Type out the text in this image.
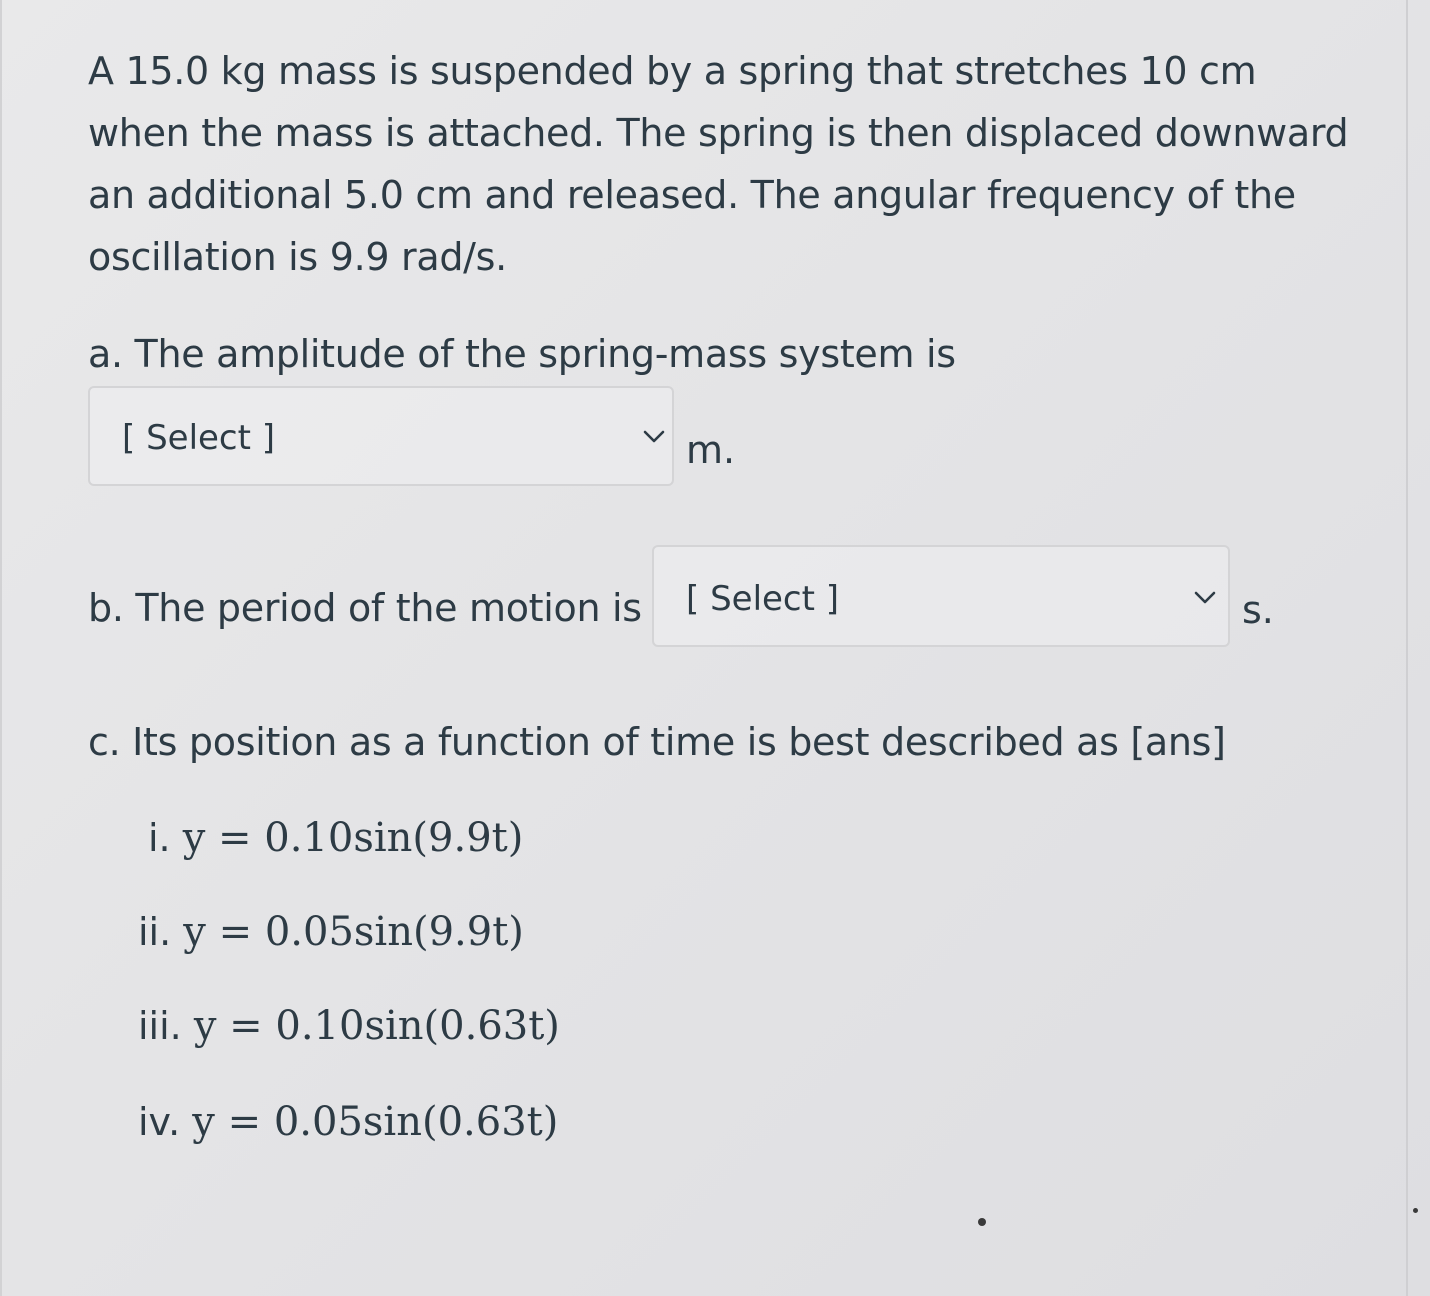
A 15.0 kg mass is suspended by a spring that stretches 10 cm when the mass is attached. The spring is then displaced downward an additional 5.0 cm and released. The angular frequency of the oscillation is 9.9 rad/s.

a. The amplitude of the spring-mass system is
[ Select ]	m.
b. The period of the motion is [ Select ]	s.
c. Its position as a function of time is best described as [ans]
i. y = 0.10sin(9.9t)
ii. y = 0.05sin(9.9t)
iii. y = 0.10sin(0.63t)
iv. y = 0.05sin(0.63t)
